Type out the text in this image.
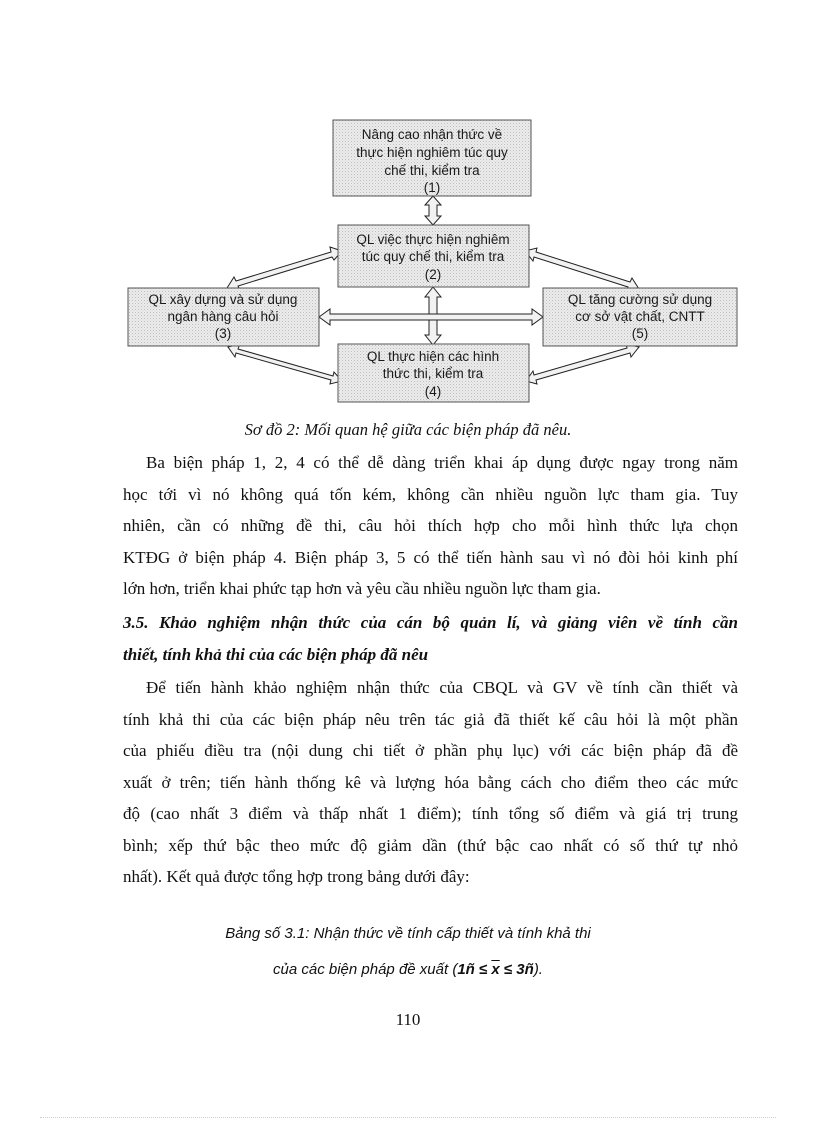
Nâng cao nhận thức về
thực hiện nghiêm túc quy
chế thi, kiểm tra
(1)
QL việc thực hiện nghiêm
túc quy chế thi, kiểm tra
(2)
QL xây dựng và sử dụng
ngân hàng câu hỏi
(3)
QL thực hiện các hình
thức thi, kiểm tra
(4)
QL tăng cường sử dụng
cơ sở vật chất, CNTT
(5)
Sơ đồ 2: Mối quan hệ giữa các biện pháp đã nêu.
Ba biện pháp 1, 2, 4 có thể dễ dàng triển khai áp dụng được ngay trong năm
học tới vì nó không quá tốn kém, không cần nhiều nguồn lực tham gia. Tuy
nhiên, cần có những đề thi, câu hỏi thích hợp cho mỗi hình thức lựa chọn
KTĐG ở biện pháp 4. Biện pháp 3, 5 có thể tiến hành sau vì nó đòi hỏi kinh phí
lớn hơn, triển khai phức tạp hơn và yêu cầu nhiều nguồn lực tham gia.
3.5. Khảo nghiệm nhận thức của cán bộ quản lí, và giảng viên về tính cần
thiết, tính khả thi của các biện pháp đã nêu
Để tiến hành khảo nghiệm nhận thức của CBQL và GV về tính cần thiết và
tính khả thi của các biện pháp nêu trên tác giả đã thiết kế câu hỏi là một phần
của phiếu điều tra (nội dung chi tiết ở phần phụ lục) với các biện pháp đã đề
xuất ở trên; tiến hành thống kê và lượng hóa bằng cách cho điểm theo các mức
độ (cao nhất 3 điểm và thấp nhất 1 điểm); tính tổng số điểm và giá trị trung
bình; xếp thứ bậc theo mức độ giảm dần (thứ bậc cao nhất có số thứ tự nhỏ
nhất). Kết quả được tổng hợp trong bảng dưới đây:
Bảng số 3.1: Nhận thức về tính cấp thiết và tính khả thi
của các biện pháp đề xuất (1ñ ≤ $\overline{x}$ ≤ 3ñ).
110
